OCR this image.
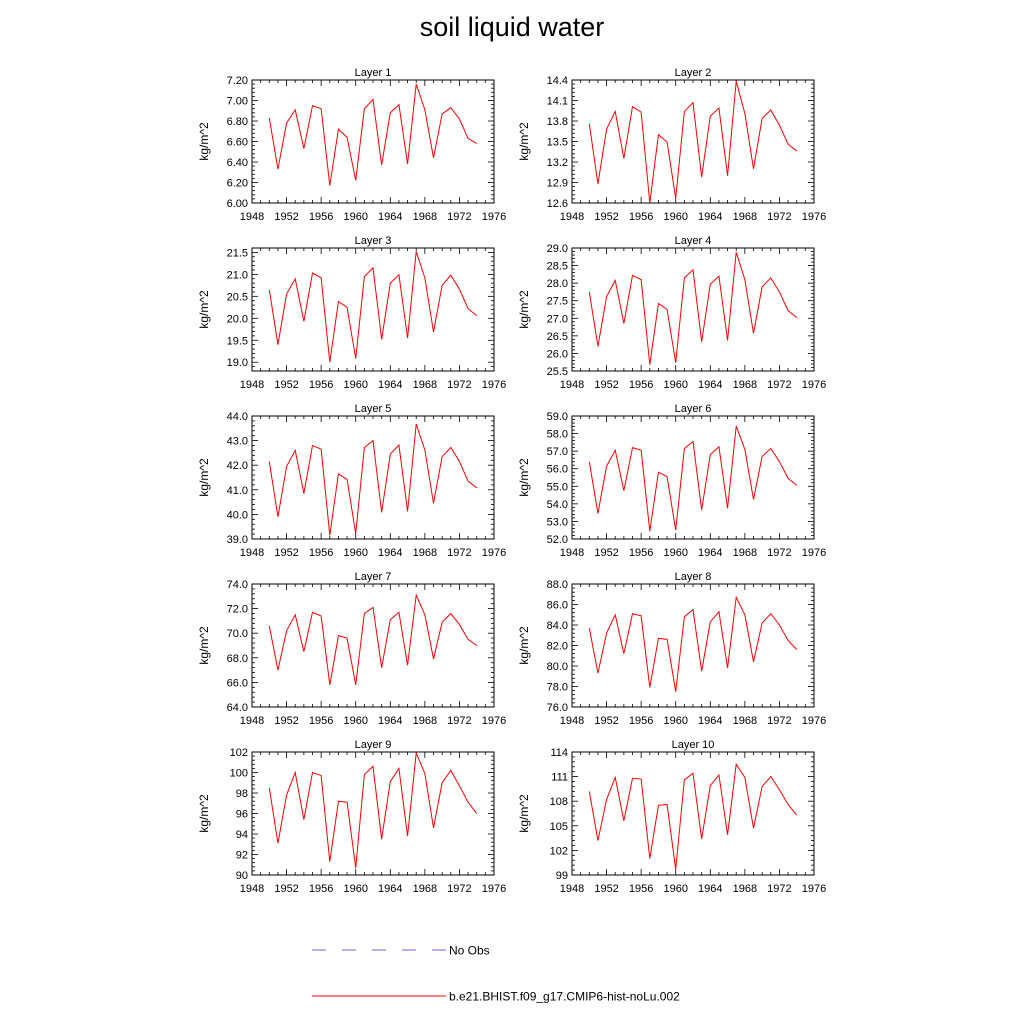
soil liquid water
Layer 1
kg/m^2
1948 1952 1956 1960 1964 1968 1972 1976
6.00
6.20
6.40
6.60
6.80
7.00
7.20
Layer 2
kg/m^2
1948 1952 1956 1960 1964 1968 1972 1976
12.6
12.9
13.2
13.5
13.8
14.1
14.4
Layer 3
kg/m^2
1948 1952 1956 1960 1964 1968 1972 1976
19.0
19.5
20.0
20.5
21.0
21.5
Layer 4
kg/m^2
1948 1952 1956 1960 1964 1968 1972 1976
25.5
26.0
26.5
27.0
27.5
28.0
28.5
29.0
Layer 5
kg/m^2
1948 1952 1956 1960 1964 1968 1972 1976
39.0
40.0
41.0
42.0
43.0
44.0
Layer 6
kg/m^2
1948 1952 1956 1960 1964 1968 1972 1976
52.0
53.0
54.0
55.0
56.0
57.0
58.0
59.0
Layer 7
kg/m^2
1948 1952 1956 1960 1964 1968 1972 1976
64.0
66.0
68.0
70.0
72.0
74.0
Layer 8
kg/m^2
1948 1952 1956 1960 1964 1968 1972 1976
76.0
78.0
80.0
82.0
84.0
86.0
88.0
Layer 9
kg/m^2
1948 1952 1956 1960 1964 1968 1972 1976
90
92
94
96
98
100
102
Layer 10
kg/m^2
1948 1952 1956 1960 1964 1968 1972 1976
99
102
105
108
111
114
No Obs
b.e21.BHIST.f09_g17.CMIP6-hist-noLu.002
